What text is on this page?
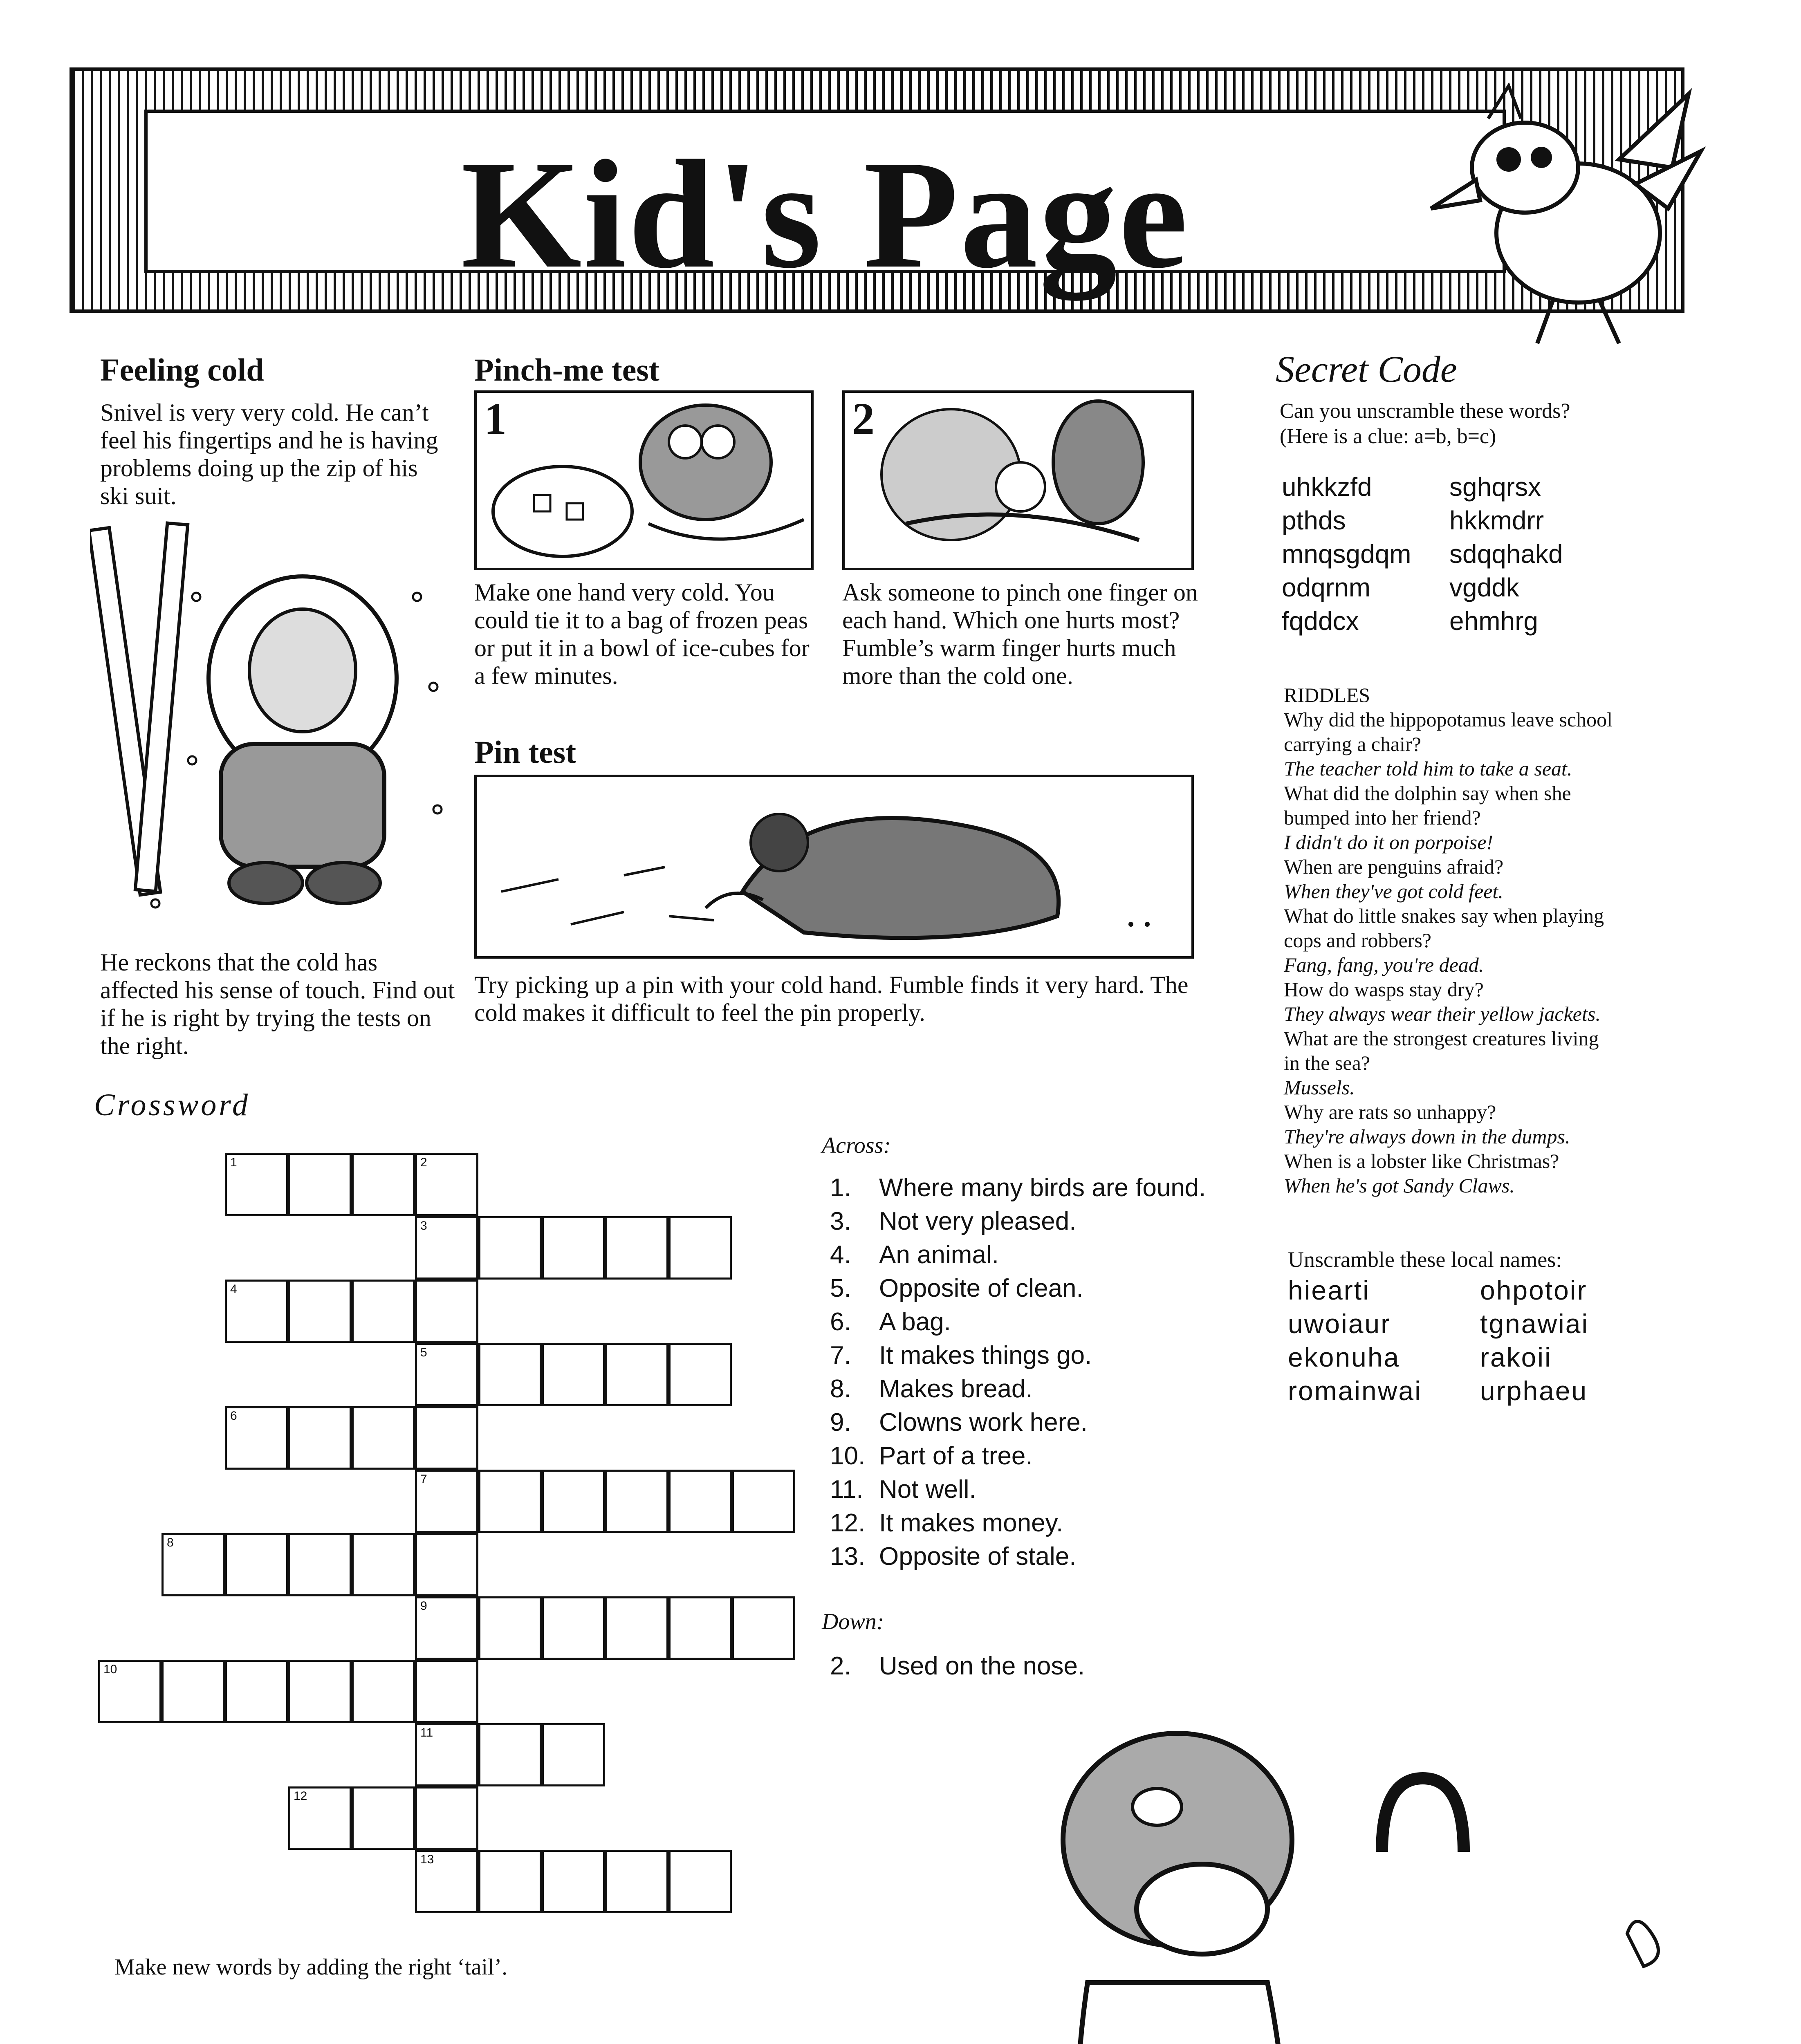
Kid's Page
Feeling cold
Snivel is very very cold. He can’t feel his fingertips and he is having problems doing up the zip of his ski suit.
He reckons that the cold has affected his sense of touch. Find out if he is right by trying the tests on the right.
Pinch-me test
1	2
Make one hand very cold. You could tie it to a bag of frozen peas or put it in a bowl of ice-cubes for a few minutes.
Ask someone to pinch one finger on each hand. Which one hurts most? Fumble’s warm finger hurts much more than the cold one.
Pin test
Try picking up a pin with your cold hand. Fumble finds it very hard. The cold makes it difficult to feel the pin properly.
Secret Code
Can you unscramble these words?
(Here is a clue: a=b, b=c)
uhkkzfd	sghqrsx
pthds	hkkmdrr
mnqsgdqm	sdqqhakd
odqrnm	vgddk
fqddcx	ehmhrg
RIDDLES
Why did the hippopotamus leave school
carrying a chair?
The teacher told him to take a seat.
What did the dolphin say when she
bumped into her friend?
I didn't do it on porpoise!
When are penguins afraid?
When they've got cold feet.
What do little snakes say when playing
cops and robbers?
Fang, fang, you're dead.
How do wasps stay dry?
They always wear their yellow jackets.
What are the strongest creatures living
in the sea?
Mussels.
Why are rats so unhappy?
They're always down in the dumps.
When is a lobster like Christmas?
When he's got Sandy Claws.
Unscramble these local names:
hiearti	ohpotoir
uwoiaur	tgnawiai
ekonuha	rakoii
romainwai	urphaeu
Crossword
1	2
3
4
5
6
7
8
9
10
11
12
13
Across:
1.	Where many birds are found.
3.	Not very pleased.
4.	An animal.
5.	Opposite of clean.
6.	A bag.
7.	It makes things go.
8.	Makes bread.
9.	Clowns work here.
10. Part of a tree.
11. Not well.
12. It makes money.
13. Opposite of stale.
Down:
2.	Used on the nose.
Make new words by adding the right ‘tail’.
